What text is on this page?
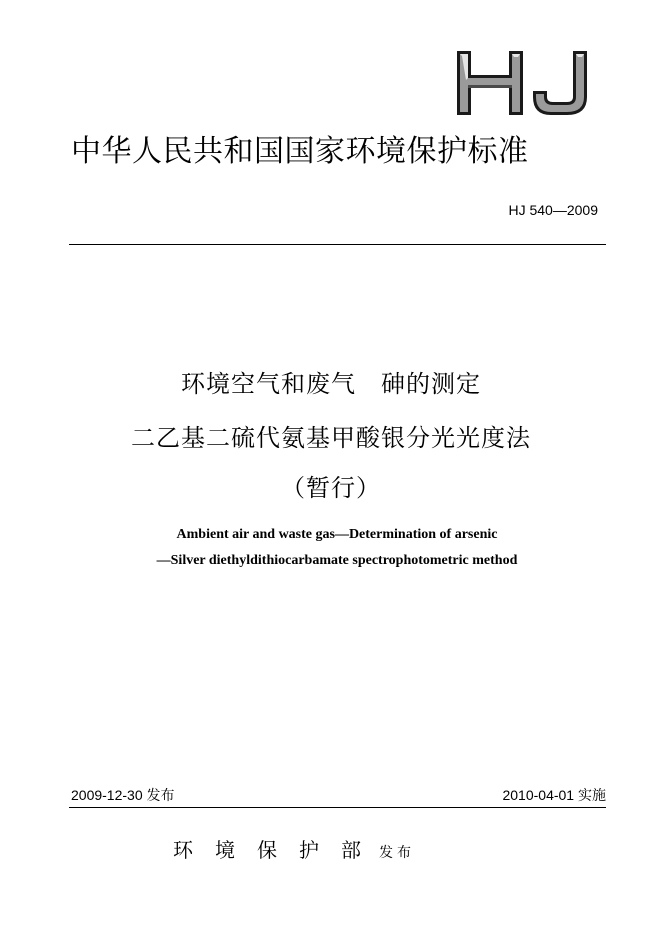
中华人民共和国国家环境保护标准
HJ 540—2009
环境空气和废气　砷的测定
二乙基二硫代氨基甲酸银分光光度法
（暂行）
Ambient air and waste gas—Determination of arsenic
—Silver diethyldithiocarbamate spectrophotometric method
2009-12-30 发布	2010-04-01 实施
环境保护部发布
